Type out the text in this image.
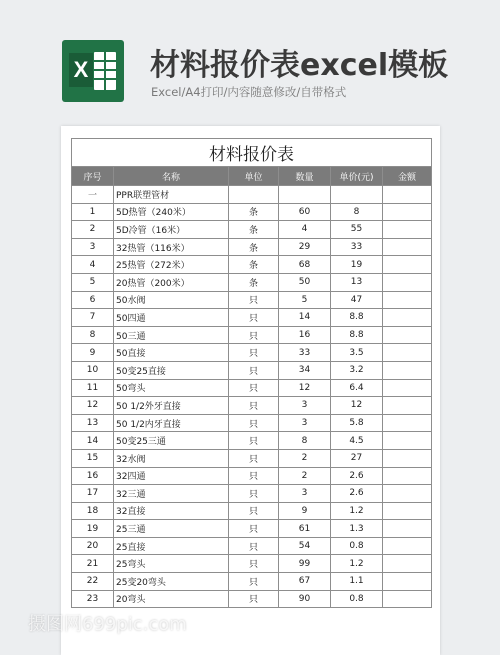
X 材料报价表excel模板
Excel/A4打印/内容随意修改/自带格式
材料报价表					
序号	名称	单位	数量	单价(元)	金额
一	PPR联塑管材				
1	5D热管（240米）	条	60	8	
2	5D冷管（16米）	条	4	55	
3	32热管（116米）	条	29	33	
4	25热管（272米）	条	68	19	
5	20热管（200米）	条	50	13	
6	50水阀	只	5	47	
7	50四通	只	14	8.8	
8	50三通	只	16	8.8	
9	50直接	只	33	3.5	
10	50变25直接	只	34	3.2	
11	50弯头	只	12	6.4	
12	50 1/2外牙直接	只	3	12	
13	50 1/2内牙直接	只	3	5.8	
14	50变25三通	只	8	4.5	
15	32水阀	只	2	27	
16	32四通	只	2	2.6	
17	32三通	只	3	2.6	
18	32直接	只	9	1.2	
19	25三通	只	61	1.3	
20	25直接	只	54	0.8	
21	25弯头	只	99	1.2	
22	25变20弯头	只	67	1.1	
23	20弯头	只	90	0.8	
摄图网699pic.com
